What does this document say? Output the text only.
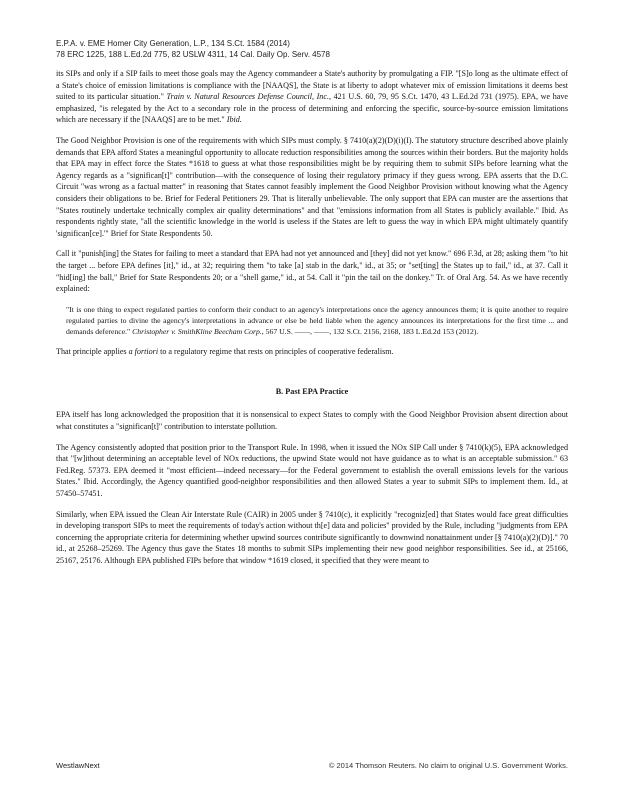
E.P.A. v. EME Homer City Generation, L.P., 134 S.Ct. 1584 (2014)
78 ERC 1225, 188 L.Ed.2d 775, 82 USLW 4311, 14 Cal. Daily Op. Serv. 4578

its SIPs and only if a SIP fails to meet those goals may the Agency commandeer a State's authority by promulgating a FIP. "[S]o long as the ultimate effect of a State's choice of emission limitations is compliance with the [NAAQS], the State is at liberty to adopt whatever mix of emission limitations it deems best suited to its particular situation." Train v. Natural Resources Defense Council, Inc., 421 U.S. 60, 79, 95 S.Ct. 1470, 43 L.Ed.2d 731 (1975). EPA, we have emphasized, "is relegated by the Act to a secondary role in the process of determining and enforcing the specific, source-by-source emission limitations which are necessary if the [NAAQS] are to be met." Ibid.

The Good Neighbor Provision is one of the requirements with which SIPs must comply. § 7410(a)(2)(D)(i)(I). The statutory structure described above plainly demands that EPA afford States a meaningful opportunity to allocate reduction responsibilities among the sources within their borders. But the majority holds that EPA may in effect force the States *1618 to guess at what those responsibilities might be by requiring them to submit SIPs before learning what the Agency regards as a "significan[t]" contribution—with the consequence of losing their regulatory primacy if they guess wrong. EPA asserts that the D.C. Circuit "was wrong as a factual matter" in reasoning that States cannot feasibly implement the Good Neighbor Provision without knowing what the Agency considers their obligations to be. Brief for Federal Petitioners 29. That is literally unbelievable. The only support that EPA can muster are the assertions that "States routinely undertake technically complex air quality determinations" and that "emissions information from all States is publicly available." Ibid. As respondents rightly state, "all the scientific knowledge in the world is useless if the States are left to guess the way in which EPA might ultimately quantify 'significan[ce].'" Brief for State Respondents 50.

Call it "punish[ing] the States for failing to meet a standard that EPA had not yet announced and [they] did not yet know." 696 F.3d, at 28; asking them "to hit the target ... before EPA defines [it]," id., at 32; requiring them "to take [a] stab in the dark," id., at 35; or "set[ting] the States up to fail," id., at 37. Call it "hid[ing] the ball," Brief for State Respondents 20; or a "shell game," id., at 54. Call it "pin the tail on the donkey." Tr. of Oral Arg. 54. As we have recently explained:

"It is one thing to expect regulated parties to conform their conduct to an agency's interpretations once the agency announces them; it is quite another to require regulated parties to divine the agency's interpretations in advance or else be held liable when the agency announces its interpretations for the first time ... and demands deference." Christopher v. SmithKline Beecham Corp., 567 U.S. ––––, ––––, 132 S.Ct. 2156, 2168, 183 L.Ed.2d 153 (2012).

That principle applies a fortiori to a regulatory regime that rests on principles of cooperative federalism.

B. Past EPA Practice

EPA itself has long acknowledged the proposition that it is nonsensical to expect States to comply with the Good Neighbor Provision absent direction about what constitutes a "significan[t]" contribution to interstate pollution.

The Agency consistently adopted that position prior to the Transport Rule. In 1998, when it issued the NOx SIP Call under § 7410(k)(5), EPA acknowledged that "[w]ithout determining an acceptable level of NOx reductions, the upwind State would not have guidance as to what is an acceptable submission." 63 Fed.Reg. 57373. EPA deemed it "most efficient—indeed necessary—for the Federal government to establish the overall emissions levels for the various States." Ibid. Accordingly, the Agency quantified good-neighbor responsibilities and then allowed States a year to submit SIPs to implement them. Id., at 57450–57451.

Similarly, when EPA issued the Clean Air Interstate Rule (CAIR) in 2005 under § 7410(c), it explicitly "recogniz[ed] that States would face great difficulties in developing transport SIPs to meet the requirements of today's action without th[e] data and policies" provided by the Rule, including "judgments from EPA concerning the appropriate criteria for determining whether upwind sources contribute significantly to downwind nonattainment under [§ 7410(a)(2)(D)]." 70 id., at 25268–25269. The Agency thus gave the States 18 months to submit SIPs implementing their new good neighbor responsibilities. See id., at 25166, 25167, 25176. Although EPA published FIPs before that window *1619 closed, it specified that they were meant to

WestlawNext	© 2014 Thomson Reuters. No claim to original U.S. Government Works.
